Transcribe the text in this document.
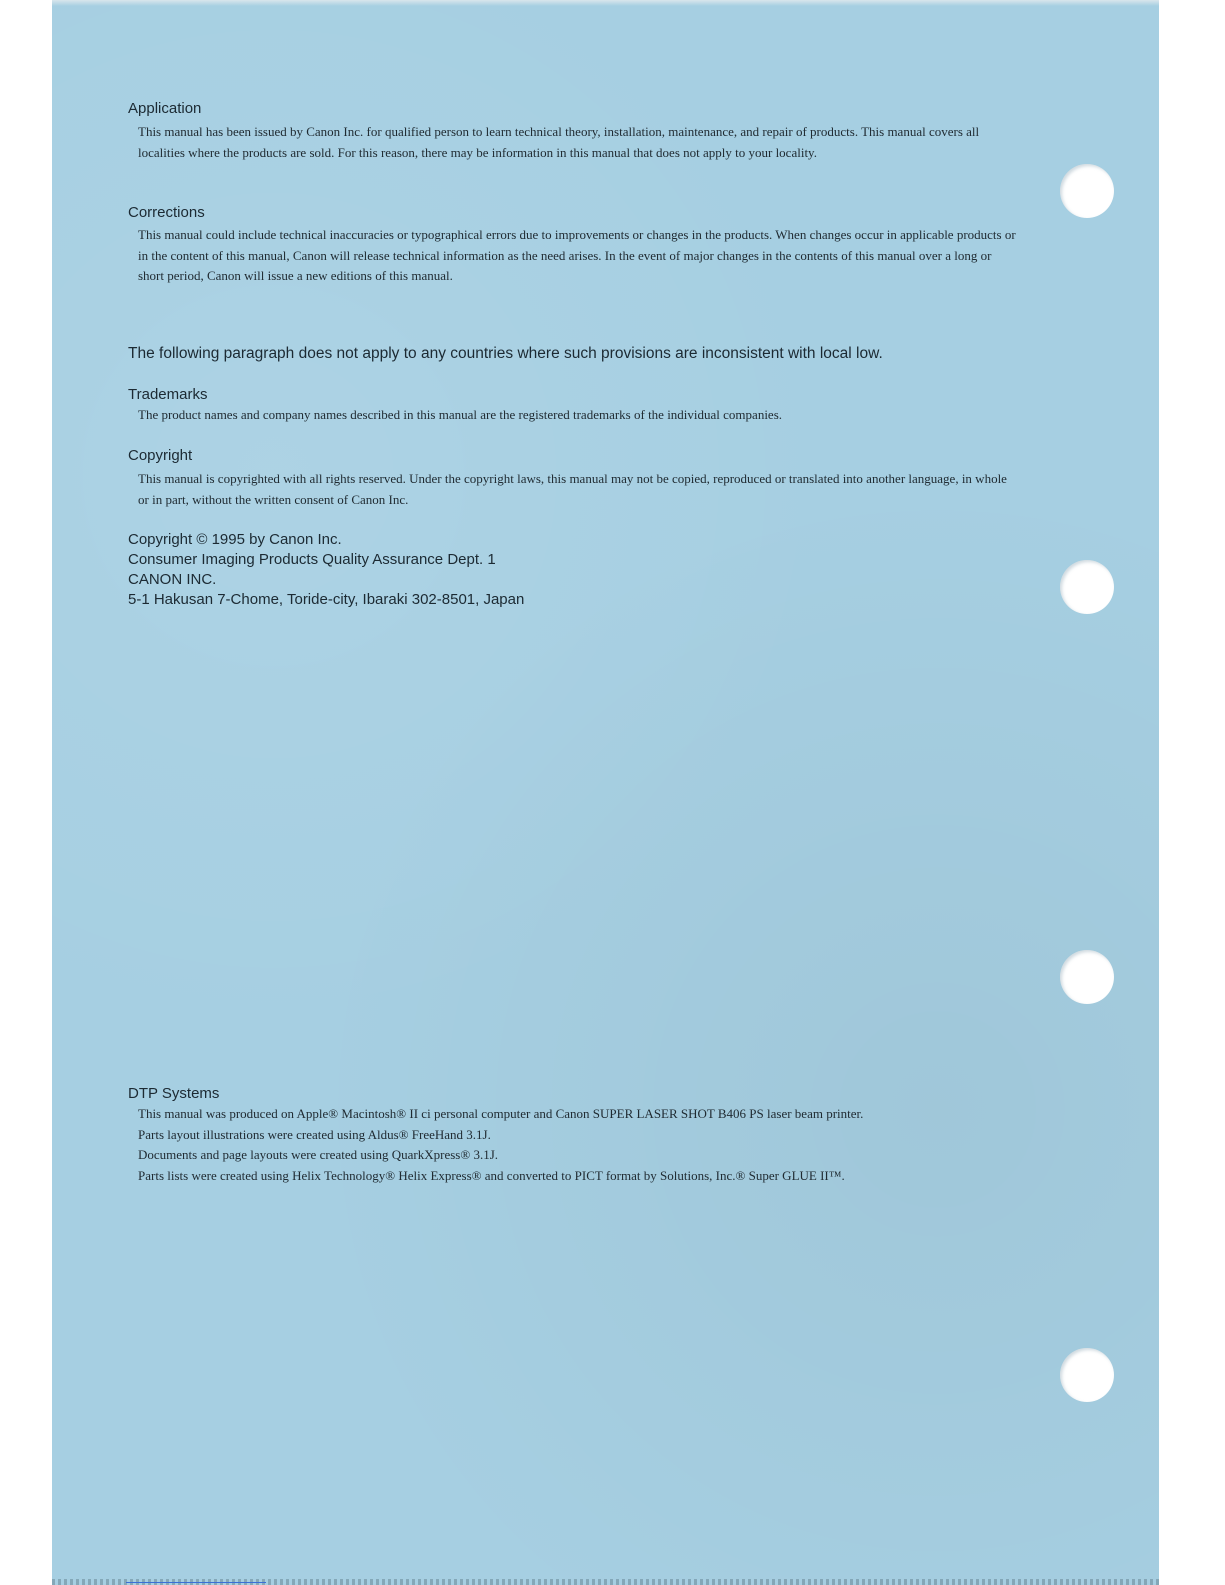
Application

This manual has been issued by Canon Inc. for qualified person to learn technical theory, installation, maintenance, and repair of products. This manual covers all localities where the products are sold. For this reason, there may be information in this manual that does not apply to your locality.

Corrections

This manual could include technical inaccuracies or typographical errors due to improvements or changes in the products. When changes occur in applicable products or in the content of this manual, Canon will release technical information as the need arises. In the event of major changes in the contents of this manual over a long or short period, Canon will issue a new editions of this manual.

The following paragraph does not apply to any countries where such provisions are inconsistent with local low.
Trademarks

The product names and company names described in this manual are the registered trademarks of the individual companies.

Copyright

This manual is copyrighted with all rights reserved. Under the copyright laws, this manual may not be copied, reproduced or translated into another language, in whole or in part, without the written consent of Canon Inc.

Copyright © 1995 by Canon Inc.
Consumer Imaging Products Quality Assurance Dept. 1
CANON INC.
5-1 Hakusan 7-Chome, Toride-city, Ibaraki 302-8501, Japan
DTP Systems

This manual was produced on Apple® Macintosh® II ci personal computer and Canon SUPER LASER SHOT B406 PS laser beam printer.

Parts layout illustrations were created using Aldus® FreeHand 3.1J.

Documents and page layouts were created using QuarkXpress® 3.1J.

Parts lists were created using Helix Technology® Helix Express® and converted to PICT format by Solutions, Inc.® Super GLUE II™.
